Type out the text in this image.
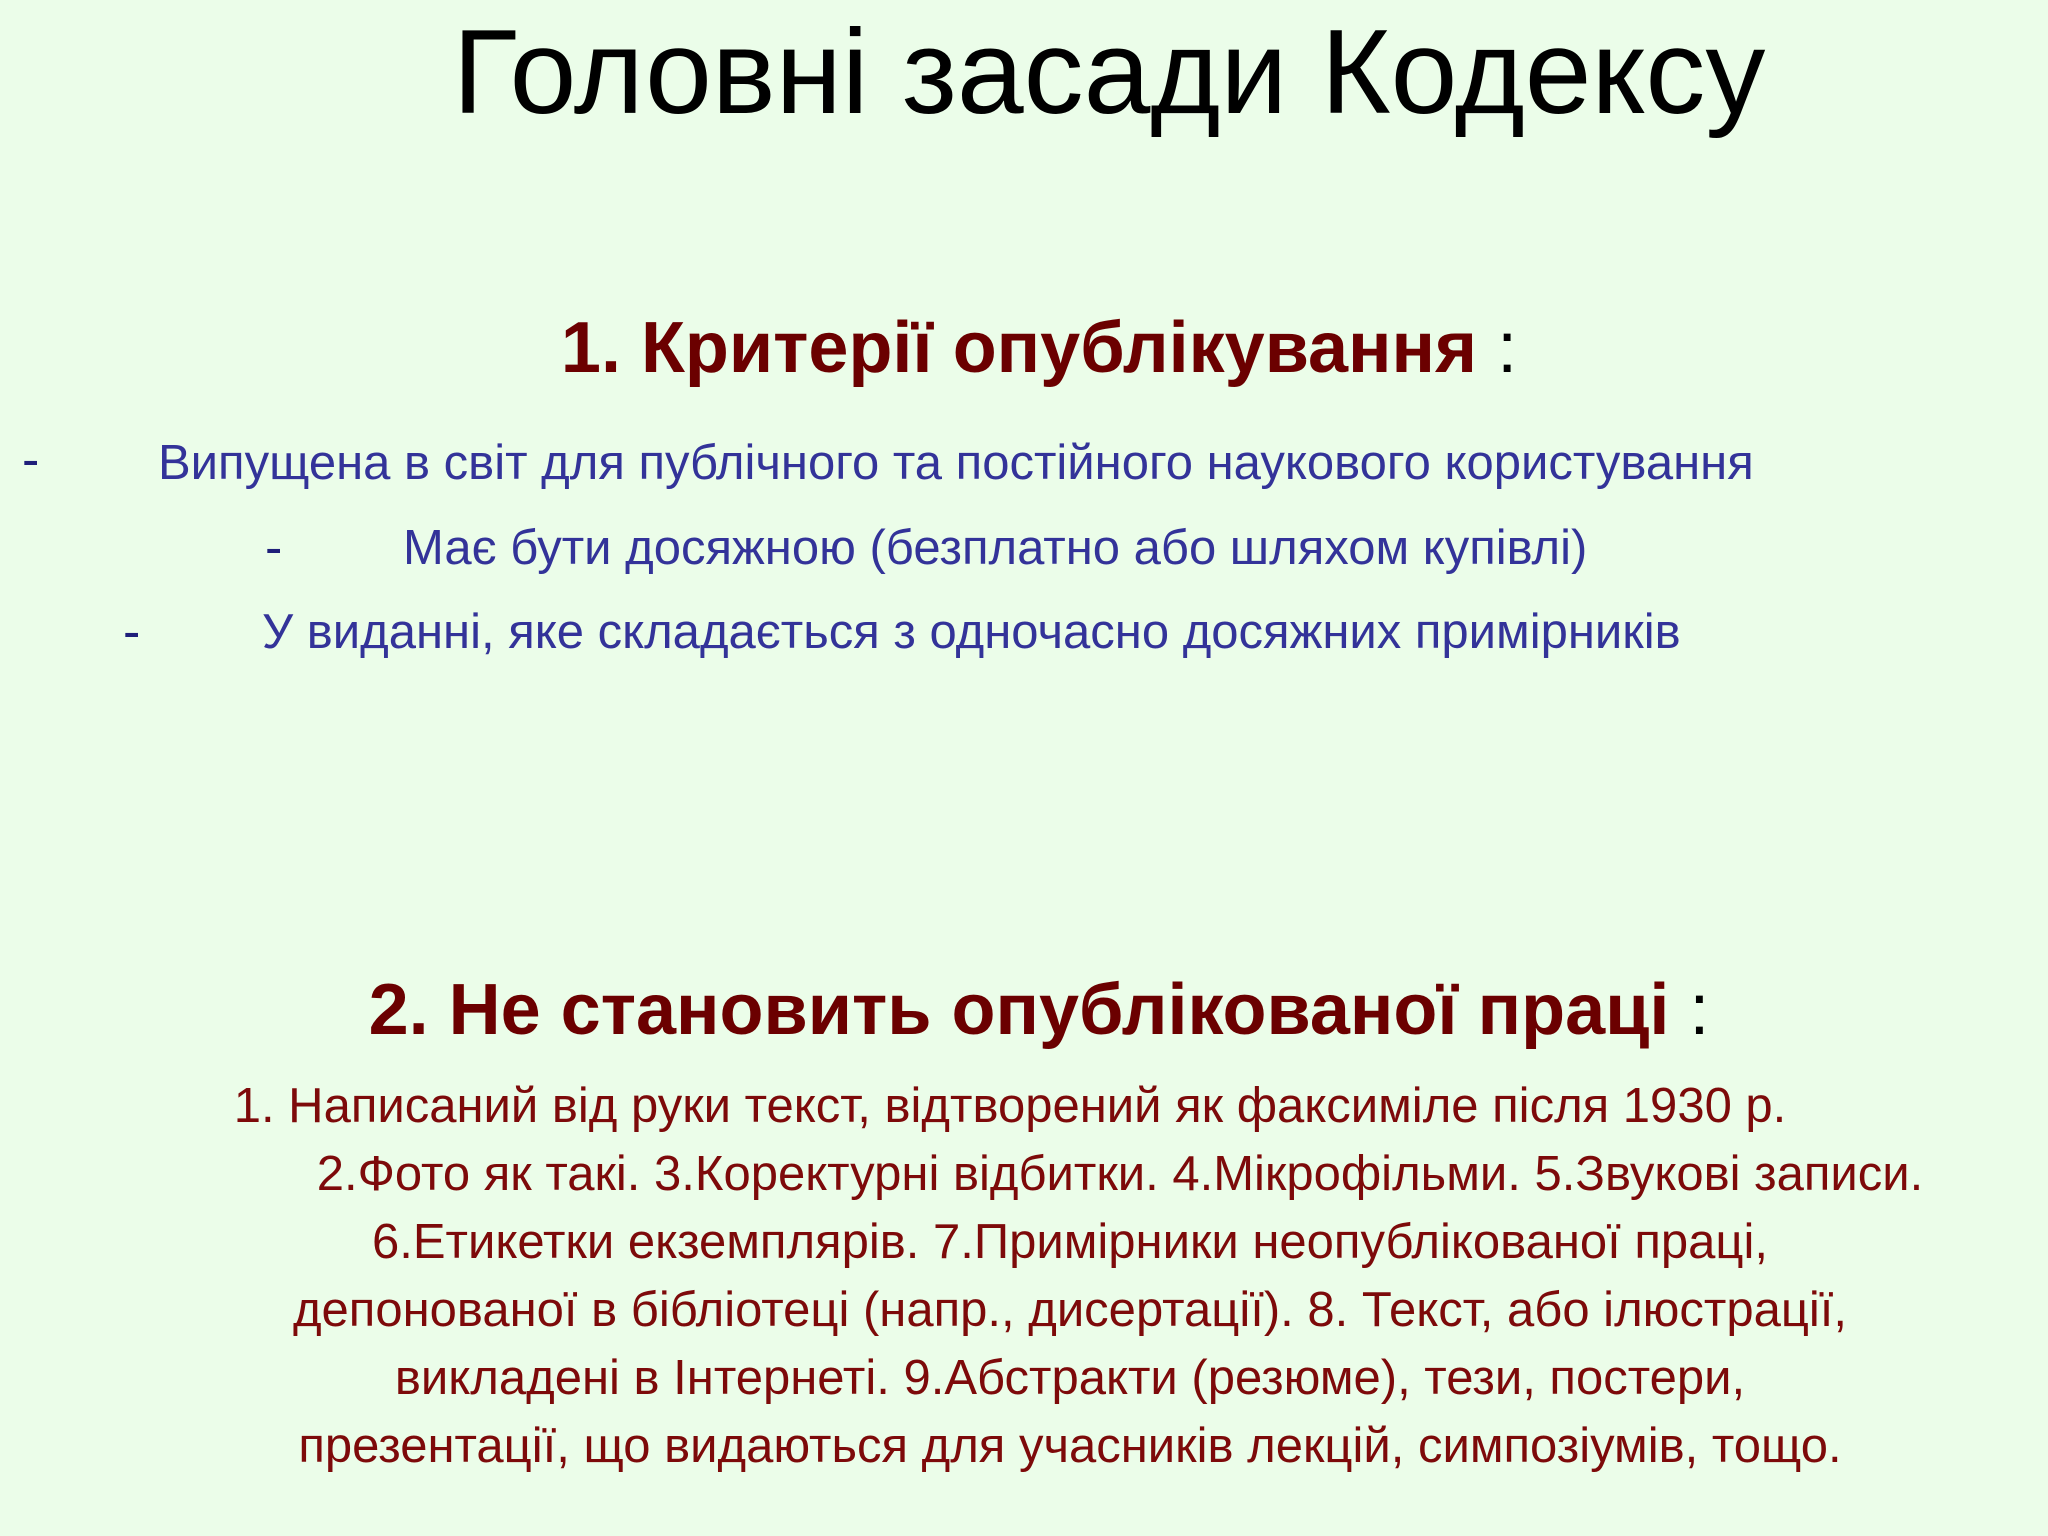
Головні засади Кодексу
1. Критерії опублікування :
- Випущена в світ для публічного та постійного наукового користування
- Має бути досяжною (безплатно або шляхом купівлі)
- У виданні, яке складається з одночасно досяжних примірників
2. Не становить опублікованої праці :
1. Написаний від руки текст, відтворений як факсиміле після 1930 р.
2.Фото як такі. 3.Коректурні відбитки. 4.Мікрофільми. 5.Звукові записи.
6.Етикетки екземплярів. 7.Примірники неопублікованої праці,
депонованої в бібліотеці (напр., дисертації). 8. Текст, або ілюстрації,
викладені в Інтернеті. 9.Абстракти (резюме), тези, постери,
презентації, що видаються для учасників лекцій, симпозіумів, тощо.
